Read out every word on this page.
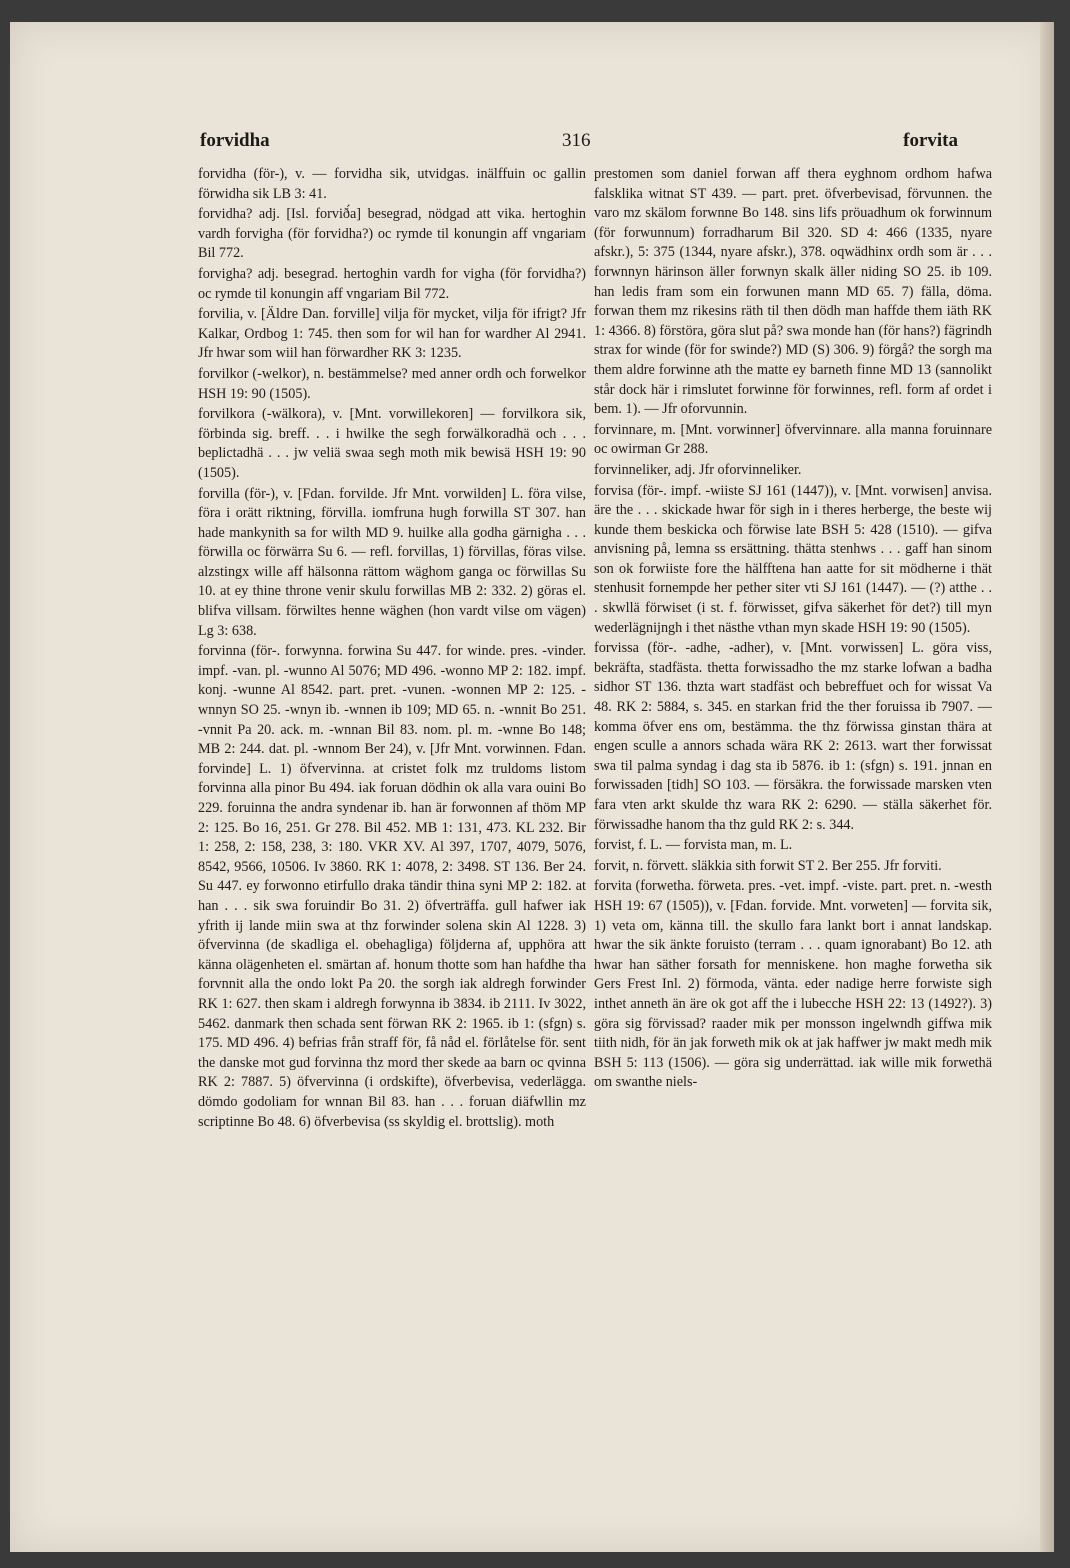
forvidha	316	forvita

forvidha (för-), v. — forvidha sik, utvidgas. inälffuin oc gallin förwidha sik LB 3: 41.

forvidha? adj. [Isl. forvið́a] besegrad, nödgad att vika. hertoghin vardh forvigha (för forvidha?) oc rymde til konungin aff vngariam Bil 772.

forvigha? adj. besegrad. hertoghin vardh for vigha (för forvidha?) oc rymde til konungin aff vngariam Bil 772.

forvilia, v. [Äldre Dan. forville] vilja för mycket, vilja för ifrigt? Jfr Kalkar, Ordbog 1: 745. then som for wil han for wardher Al 2941. Jfr hwar som wiil han förwardher RK 3: 1235.

forvilkor (-welkor), n. bestämmelse? med anner ordh och forwelkor HSH 19: 90 (1505).

forvilkora (-wälkora), v. [Mnt. vorwillekoren] — forvilkora sik, förbinda sig. breff. . . i hwilke the segh forwälkoradhä och . . . beplictadhä . . . jw veliä swaa segh moth mik bewisä HSH 19: 90 (1505).

forvilla (för-), v. [Fdan. forvilde. Jfr Mnt. vorwilden] L. föra vilse, föra i orätt riktning, förvilla. iomfruna hugh forwilla ST 307. han hade mankynith sa for wilth MD 9. huilke alla godha gärnigha . . . förwilla oc förwärra Su 6. — refl. forvillas, 1) förvillas, föras vilse. alzstingx wille aff hälsonna rättom wäghom ganga oc förwillas Su 10. at ey thine throne venir skulu forwillas MB 2: 332. 2) göras el. blifva villsam. förwiltes henne wäghen (hon vardt vilse om vägen) Lg 3: 638.

forvinna (för-. forwynna. forwina Su 447. for winde. pres. -vinder. impf. -van. pl. -wunno Al 5076; MD 496. -wonno MP 2: 182. impf. konj. -wunne Al 8542. part. pret. -vunen. -wonnen MP 2: 125. -wnnyn SO 25. -wnyn ib. -wnnen ib 109; MD 65. n. -wnnit Bo 251. -vnnit Pa 20. ack. m. -wnnan Bil 83. nom. pl. m. -wnne Bo 148; MB 2: 244. dat. pl. -wnnom Ber 24), v. [Jfr Mnt. vorwinnen. Fdan. forvinde] L. 1) öfvervinna. at cristet folk mz truldoms listom forvinna alla pinor Bu 494. iak foruan dödhin ok alla vara ouini Bo 229. foruinna the andra syndenar ib. han är forwonnen af thöm MP 2: 125. Bo 16, 251. Gr 278. Bil 452. MB 1: 131, 473. KL 232. Bir 1: 258, 2: 158, 238, 3: 180. VKR XV. Al 397, 1707, 4079, 5076, 8542, 9566, 10506. Iv 3860. RK 1: 4078, 2: 3498. ST 136. Ber 24. Su 447. ey forwonno etirfullo draka tändir thina syni MP 2: 182. at han . . . sik swa foruindir Bo 31. 2) öfverträffa. gull hafwer iak yfrith ij lande miin swa at thz forwinder solena skin Al 1228. 3) öfvervinna (de skadliga el. obehagliga) följderna af, upphöra att känna olägenheten el. smärtan af. honum thotte som han hafdhe tha forvnnit alla the ondo lokt Pa 20. the sorgh iak aldregh forwinder RK 1: 627. then skam i aldregh forwynna ib 3834. ib 2111. Iv 3022, 5462. danmark then schada sent förwan RK 2: 1965. ib 1: (sfgn) s. 175. MD 496. 4) befrias från straff för, få nåd el. förlåtelse för. sent the danske mot gud forvinna thz mord ther skede aa barn oc qvinna RK 2: 7887. 5) öfvervinna (i ordskifte), öfverbevisa, vederlägga. dömdo godoliam for wnnan Bil 83. han . . . foruan diäfwllin mz scriptinne Bo 48. 6) öfverbevisa (ss skyldig el. brottslig). moth

prestomen som daniel forwan aff thera eyghnom ordhom hafwa falsklika witnat ST 439. — part. pret. öfverbevisad, förvunnen. the varo mz skälom forwnne Bo 148. sins lifs pröuadhum ok forwinnum (för forwunnum) forradharum Bil 320. SD 4: 466 (1335, nyare afskr.), 5: 375 (1344, nyare afskr.), 378. oqwädhinx ordh som är . . . forwnnyn härinson äller forwnyn skalk äller niding SO 25. ib 109. han ledis fram som ein forwunen mann MD 65. 7) fälla, döma. forwan them mz rikesins räth til then dödh man haffde them iäth RK 1: 4366. 8) förstöra, göra slut på? swa monde han (för hans?) fägrindh strax for winde (för for swinde?) MD (S) 306. 9) förgå? the sorgh ma them aldre forwinne ath the matte ey barneth finne MD 13 (sannolikt står dock här i rimslutet forwinne för forwinnes, refl. form af ordet i bem. 1). — Jfr oforvunnin.

forvinnare, m. [Mnt. vorwinner] öfvervinnare. alla manna foruinnare oc owirman Gr 288.

forvinneliker, adj. Jfr oforvinneliker.

forvisa (för-. impf. -wiiste SJ 161 (1447)), v. [Mnt. vorwisen] anvisa. äre the . . . skickade hwar för sigh in i theres herberge, the beste wij kunde them beskicka och förwise late BSH 5: 428 (1510). — gifva anvisning på, lemna ss ersättning. thätta stenhws . . . gaff han sinom son ok forwiiste fore the hälfftena han aatte for sit mödherne i thät stenhusit fornempde her pether siter vti SJ 161 (1447). — (?) atthe . . . skwllä förwiset (i st. f. förwisset, gifva säkerhet för det?) till myn wederlägnijngh i thet nästhe vthan myn skade HSH 19: 90 (1505).

forvissa (för-. -adhe, -adher), v. [Mnt. vorwissen] L. göra viss, bekräfta, stadfästa. thetta forwissadho the mz starke lofwan a badha sidhor ST 136. thzta wart stadfäst och bebreffuet och for wissat Va 48. RK 2: 5884, s. 345. en starkan frid the ther foruissa ib 7907. — komma öfver ens om, bestämma. the thz förwissa ginstan thära at engen sculle a annors schada wära RK 2: 2613. wart ther forwissat swa til palma syndag i dag sta ib 5876. ib 1: (sfgn) s. 191. jnnan en forwissaden [tidh] SO 103. — försäkra. the forwissade marsken vten fara vten arkt skulde thz wara RK 2: 6290. — ställa säkerhet för. förwissadhe hanom tha thz guld RK 2: s. 344.

forvist, f. L. — forvista man, m. L.

forvit, n. förvett. släkkia sith forwit ST 2. Ber 255. Jfr forviti.

forvita (forwetha. förweta. pres. -vet. impf. -viste. part. pret. n. -westh HSH 19: 67 (1505)), v. [Fdan. forvide. Mnt. vorweten] — forvita sik, 1) veta om, känna till. the skullo fara lankt bort i annat landskap. hwar the sik änkte foruisto (terram . . . quam ignorabant) Bo 12. ath hwar han säther forsath for menniskene. hon maghe forwetha sik Gers Frest Inl. 2) förmoda, vänta. eder nadige herre forwiste sigh inthet anneth än äre ok got aff the i lubecche HSH 22: 13 (1492?). 3) göra sig förvissad? raader mik per monsson ingelwndh giffwa mik tiith nidh, för än jak forweth mik ok at jak haffwer jw makt medh mik BSH 5: 113 (1506). — göra sig underrättad. iak wille mik forwethä om swanthe niels-
